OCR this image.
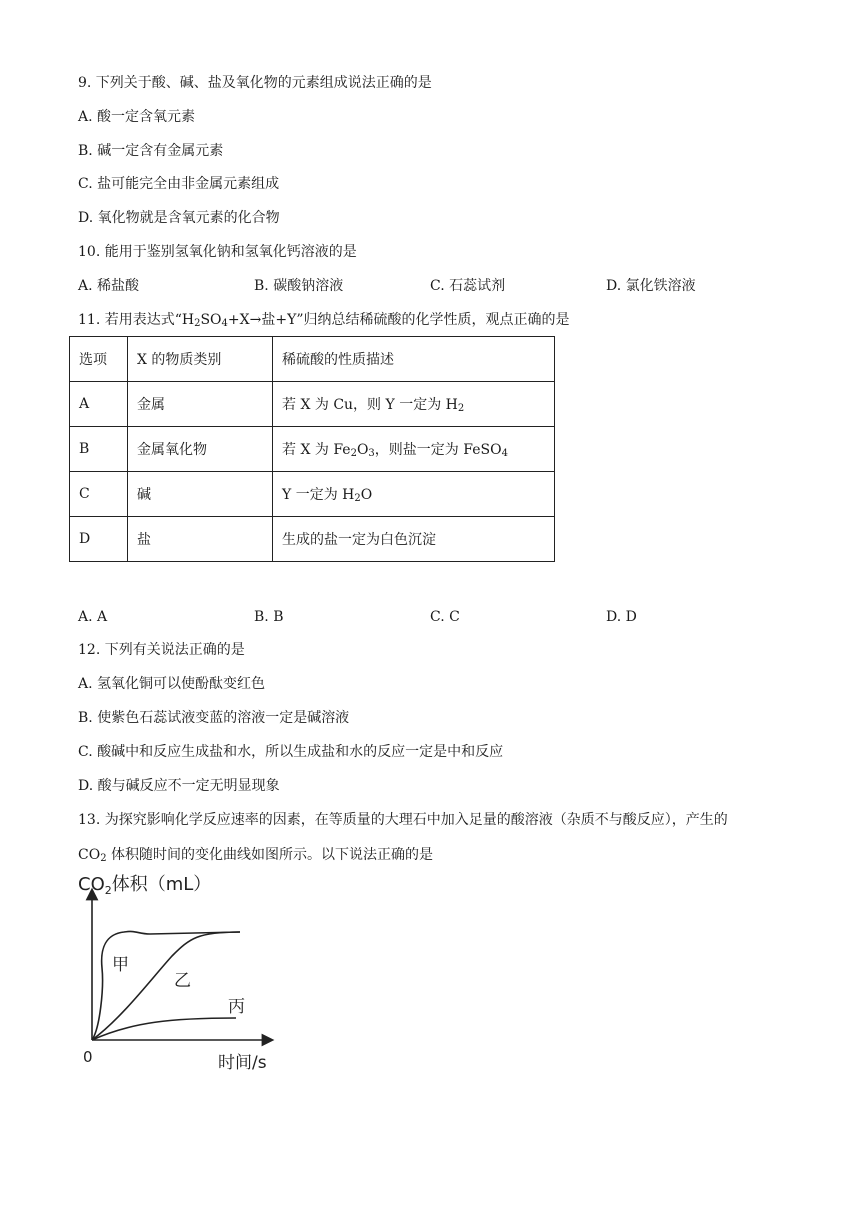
9. 下列关于酸、碱、盐及氧化物的元素组成说法正确的是
A. 酸一定含氧元素
B. 碱一定含有金属元素
C. 盐可能完全由非金属元素组成
D. 氧化物就是含氧元素的化合物
10. 能用于鉴别氢氧化钠和氢氧化钙溶液的是
A. 稀盐酸	B. 碳酸钠溶液	C. 石蕊试剂	D. 氯化铁溶液
11. 若用表达式“$H_2SO_4+X\to$盐+Y”归纳总结稀硫酸的化学性质，观点正确的是
选项	X 的物质类别	稀硫酸的性质描述
A	金属	若 X 为 Cu，则 Y 一定为 $H_2$
B	金属氧化物	若 X 为 $Fe_2O_3$，则盐一定为 FeSO$_4$
C	碱	Y 一定为 $H_2O$
D	盐	生成的盐一定为白色沉淀
A. A	B. B	C. C	D. D
12. 下列有关说法正确的是
A. 氢氧化铜可以使酚酞变红色
B. 使紫色石蕊试液变蓝的溶液一定是碱溶液
C. 酸碱中和反应生成盐和水，所以生成盐和水的反应一定是中和反应
D. 酸与碱反应不一定无明显现象
13. 为探究影响化学反应速率的因素，在等质量的大理石中加入足量的酸溶液（杂质不与酸反应），产生的
$CO_2$ 体积随时间的变化曲线如图所示。以下说法正确的是
$CO_2$体积（mL）
0	时间/s
甲
乙
丙
